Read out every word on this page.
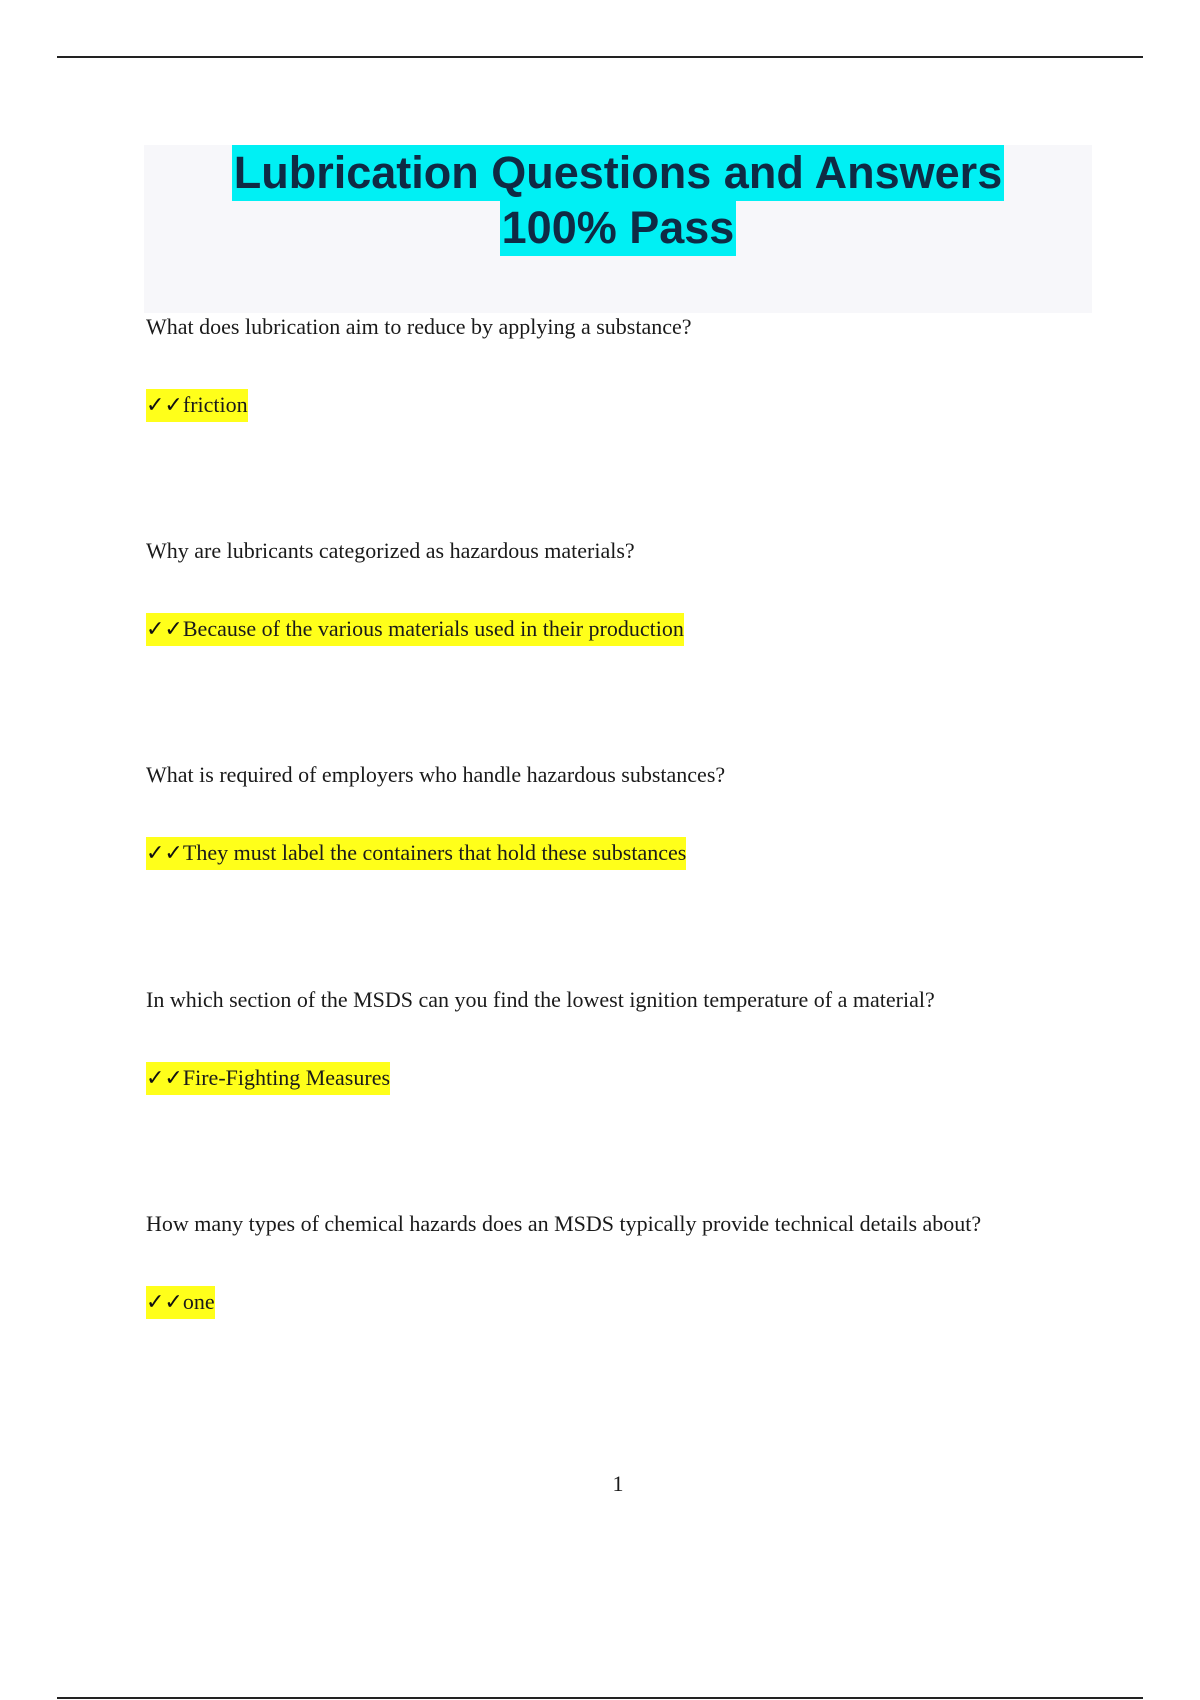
Lubrication Questions and Answers
100% Pass

What does lubrication aim to reduce by applying a substance?

✓✓friction

Why are lubricants categorized as hazardous materials?

✓✓Because of the various materials used in their production

What is required of employers who handle hazardous substances?

✓✓They must label the containers that hold these substances

In which section of the MSDS can you find the lowest ignition temperature of a material?

✓✓Fire-Fighting Measures

How many types of chemical hazards does an MSDS typically provide technical details about?

✓✓one
1
